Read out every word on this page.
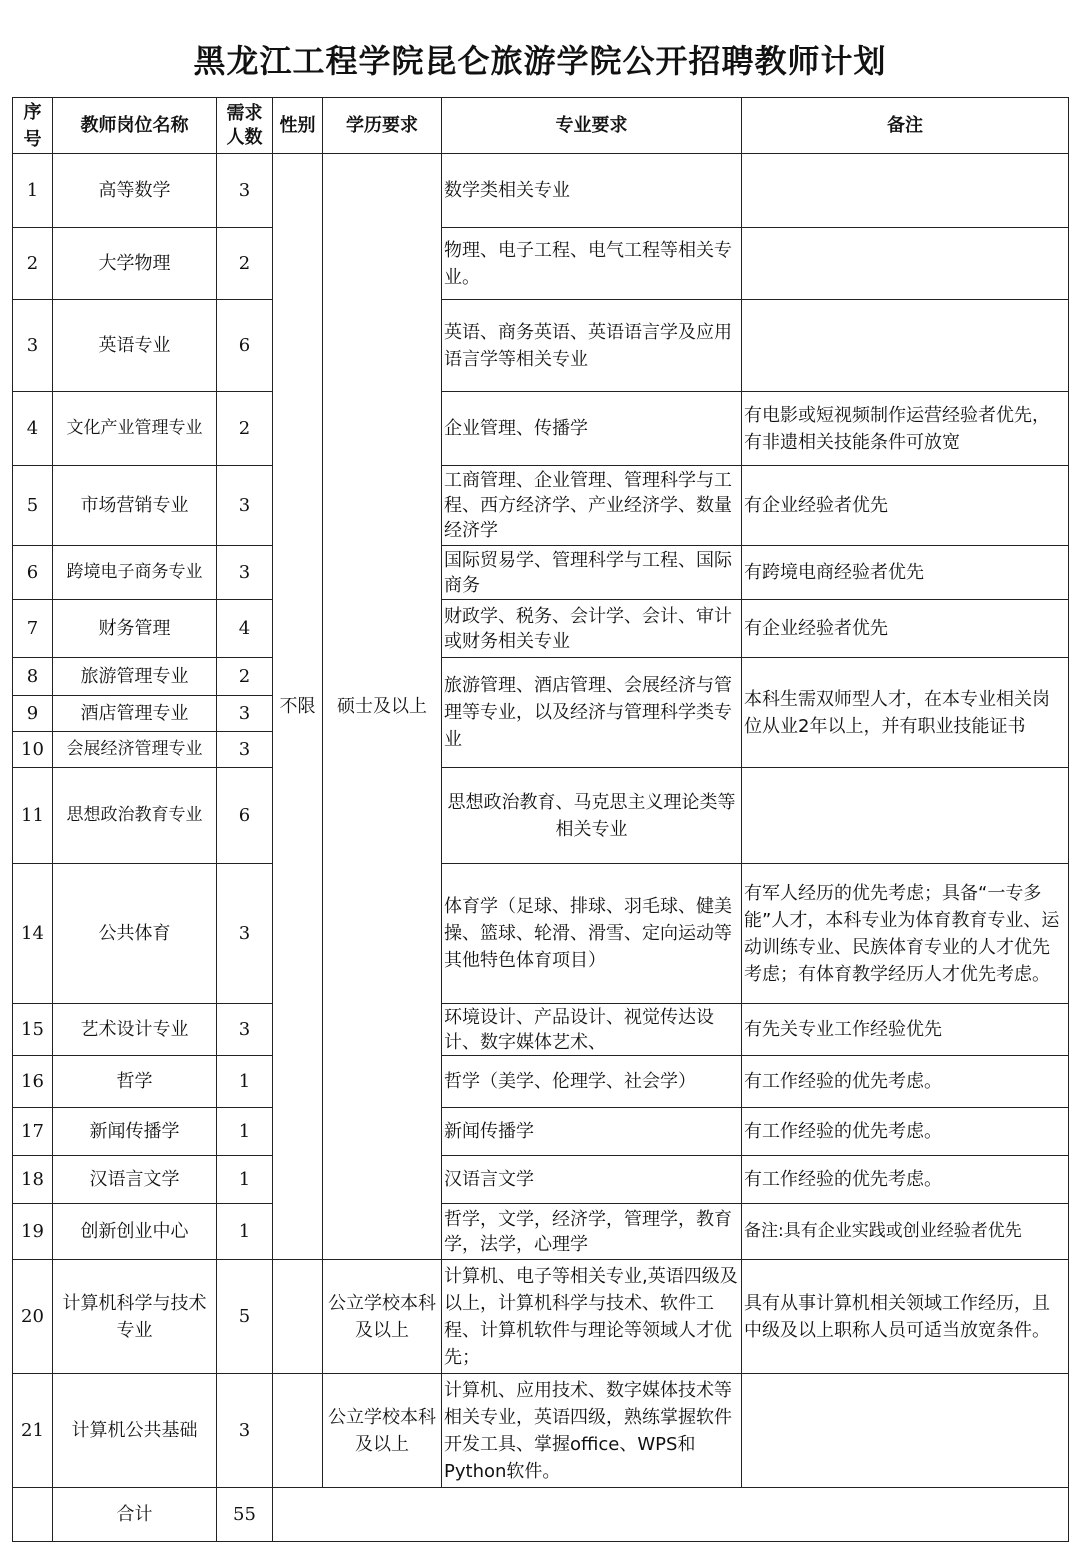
黑龙江工程学院昆仑旅游学院公开招聘教师计划
序号	教师岗位名称	需求人数	性别	学历要求	专业要求	备注
1	高等数学	3	不限	硕士及以上	数学类相关专业	
2	大学物理	2			物理、电子工程、电气工程等相关专业。	
3	英语专业	6			英语、商务英语、英语语言学及应用语言学等相关专业	
4	文化产业管理专业	2			企业管理、传播学	有电影或短视频制作运营经验者优先，有非遗相关技能条件可放宽
5	市场营销专业	3			工商管理、企业管理、管理科学与工程、西方经济学、产业经济学、数量经济学	有企业经验者优先
6	跨境电子商务专业	3			国际贸易学、管理科学与工程、国际商务	有跨境电商经验者优先
7	财务管理	4			财政学、税务、会计学、会计、审计或财务相关专业	有企业经验者优先
8	旅游管理专业	2			旅游管理、酒店管理、会展经济与管理等专业，以及经济与管理科学类专业	本科生需双师型人才，在本专业相关岗位从业2年以上，并有职业技能证书
9	酒店管理专业	3				
10	会展经济管理专业	3				
11	思想政治教育专业	6			思想政治教育、马克思主义理论类等相关专业	
14	公共体育	3			体育学（足球、排球、羽毛球、健美操、篮球、轮滑、滑雪、定向运动等其他特色体育项目）	有军人经历的优先考虑；具备“一专多能”人才，本科专业为体育教育专业、运动训练专业、民族体育专业的人才优先考虑；有体育教学经历人才优先考虑。
15	艺术设计专业	3			环境设计、产品设计、视觉传达设计、数字媒体艺术、	有先关专业工作经验优先
16	哲学	1			哲学（美学、伦理学、社会学）	有工作经验的优先考虑。
17	新闻传播学	1			新闻传播学	有工作经验的优先考虑。
18	汉语言文学	1			汉语言文学	有工作经验的优先考虑。
19	创新创业中心	1			哲学，文学，经济学，管理学，教育学，法学，心理学	备注:具有企业实践或创业经验者优先
20	计算机科学与技术专业	5		公立学校本科及以上	计算机、电子等相关专业,英语四级及以上，计算机科学与技术、软件工程、计算机软件与理论等领域人才优先；	具有从事计算机相关领域工作经历，且中级及以上职称人员可适当放宽条件。
21	计算机公共基础	3		公立学校本科及以上	计算机、应用技术、数字媒体技术等相关专业，英语四级，熟练掌握软件开发工具、掌握office、WPS和Python软件。	
	合计	55				
